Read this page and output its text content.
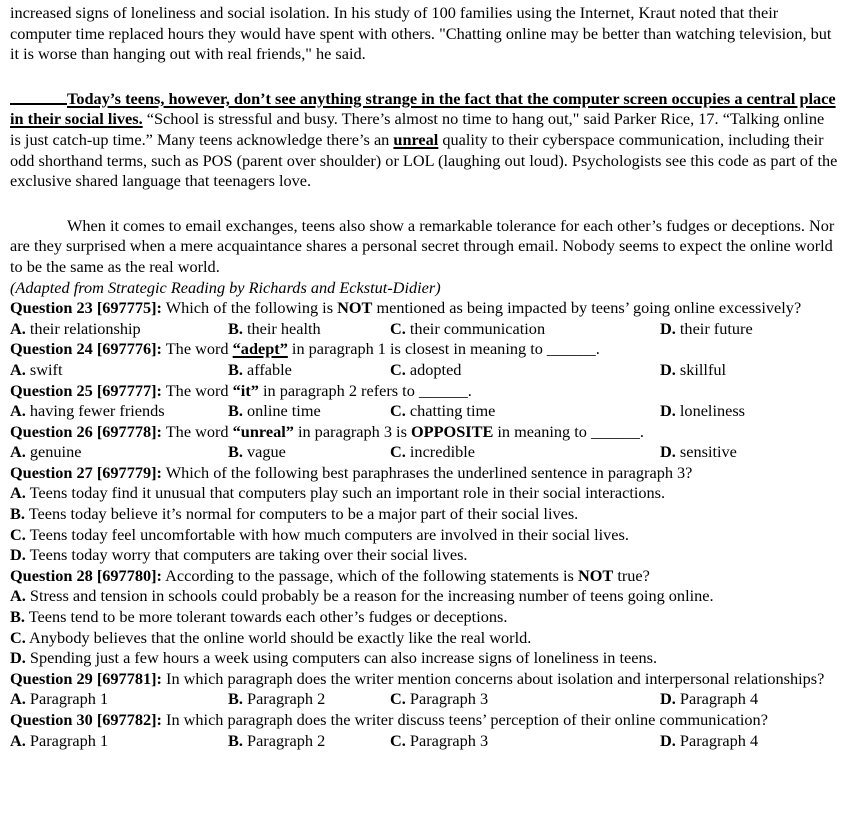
increased signs of loneliness and social isolation. In his study of 100 families using the Internet, Kraut noted that their computer time replaced hours they would have spent with others. "Chatting online may be better than watching television, but it is worse than hanging out with real friends," he said.

Today’s teens, however, don’t see anything strange in the fact that the computer screen occupies a central place in their social lives. “School is stressful and busy. There’s almost no time to hang out," said Parker Rice, 17. “Talking online is just catch-up time.” Many teens acknowledge there’s an unreal quality to their cyberspace communication, including their odd shorthand terms, such as POS (parent over shoulder) or LOL (laughing out loud). Psychologists see this code as part of the exclusive shared language that teenagers love.

When it comes to email exchanges, teens also show a remarkable tolerance for each other’s fudges or deceptions. Nor are they surprised when a mere acquaintance shares a personal secret through email. Nobody seems to expect the online world to be the same as the real world.

(Adapted from Strategic Reading by Richards and Eckstut-Didier)

Question 23 [697775]: Which of the following is NOT mentioned as being impacted by teens’ going online excessively?

A. their relationship	B. their health	C. their communication	D. their future

Question 24 [697776]: The word “adept” in paragraph 1 is closest in meaning to ______.

A. swift	B. affable	C. adopted	D. skillful

Question 25 [697777]: The word “it” in paragraph 2 refers to ______.

A. having fewer friends	B. online time	C. chatting time	D. loneliness

Question 26 [697778]: The word “unreal” in paragraph 3 is OPPOSITE in meaning to ______.

A. genuine	B. vague	C. incredible	D. sensitive

Question 27 [697779]: Which of the following best paraphrases the underlined sentence in paragraph 3?

A. Teens today find it unusual that computers play such an important role in their social interactions.

B. Teens today believe it’s normal for computers to be a major part of their social lives.

C. Teens today feel uncomfortable with how much computers are involved in their social lives.

D. Teens today worry that computers are taking over their social lives.

Question 28 [697780]: According to the passage, which of the following statements is NOT true?

A. Stress and tension in schools could probably be a reason for the increasing number of teens going online.

B. Teens tend to be more tolerant towards each other’s fudges or deceptions.

C. Anybody believes that the online world should be exactly like the real world.

D. Spending just a few hours a week using computers can also increase signs of loneliness in teens.

Question 29 [697781]: In which paragraph does the writer mention concerns about isolation and interpersonal relationships?

A. Paragraph 1	B. Paragraph 2	C. Paragraph 3	D. Paragraph 4

Question 30 [697782]: In which paragraph does the writer discuss teens’ perception of their online communication?

A. Paragraph 1	B. Paragraph 2	C. Paragraph 3	D. Paragraph 4
